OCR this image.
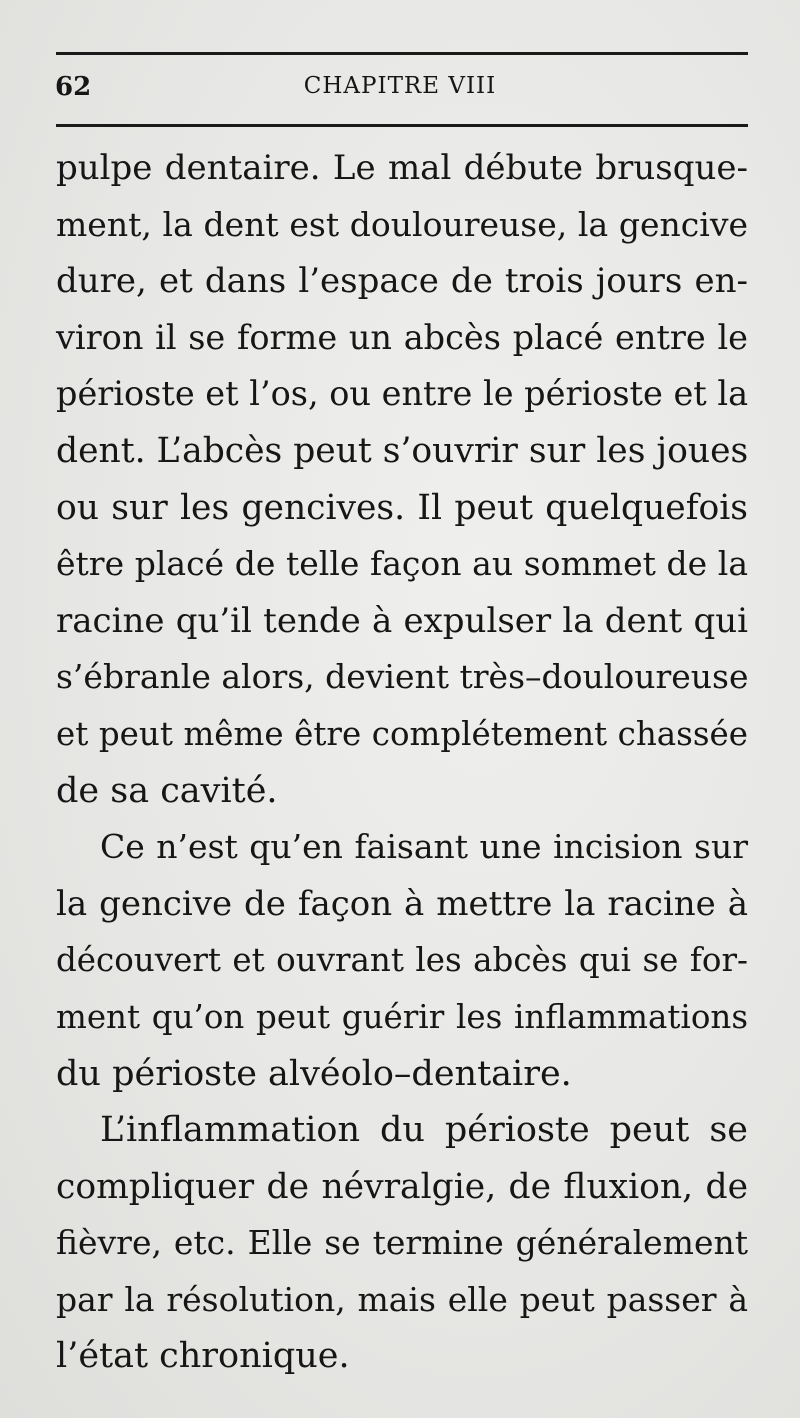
62	CHAPITRE VIII
pulpe dentaire. Le mal débute brusque-
ment, la dent est douloureuse, la gencive
dure, et dans l’espace de trois jours en-
viron il se forme un abcès placé entre le
périoste et l’os, ou entre le périoste et la
dent. L’abcès peut s’ouvrir sur les joues
ou sur les gencives. Il peut quelquefois
être placé de telle façon au sommet de la
racine qu’il tende à expulser la dent qui
s’ébranle alors, devient très–douloureuse
et peut même être complétement chassée
de sa cavité.
Ce n’est qu’en faisant une incision sur
la gencive de façon à mettre la racine à
découvert et ouvrant les abcès qui se for-
ment qu’on peut guérir les inflammations
du périoste alvéolo–dentaire.
L’inflammation du périoste peut se
compliquer de névralgie, de fluxion, de
fièvre, etc. Elle se termine généralement
par la résolution, mais elle peut passer à
l’état chronique.
